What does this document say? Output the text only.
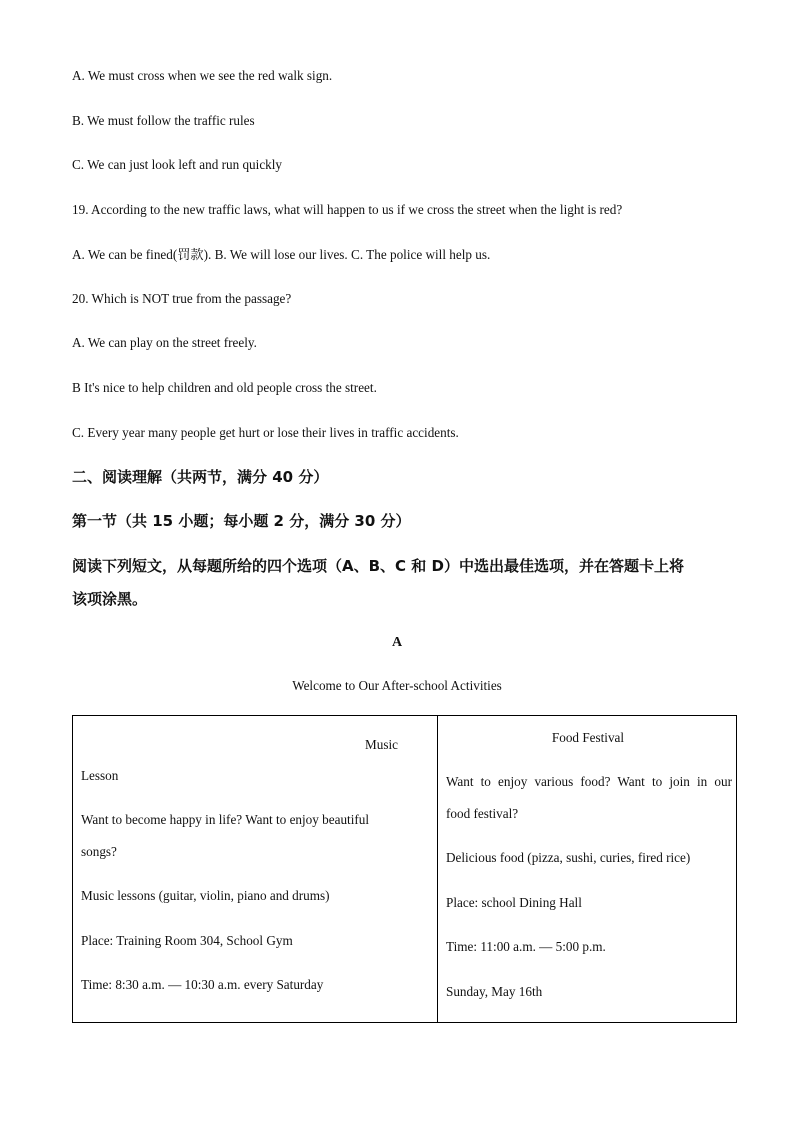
A. We must cross when we see the red walk sign.
B. We must follow the traffic rules
C. We can just look left and run quickly
19. According to the new traffic laws, what will happen to us if we cross the street when the light is red?
A. We can be fined(罚款). B. We will lose our lives. C. The police will help us.
20. Which is NOT true from the passage?
A. We can play on the street freely.
B It's nice to help children and old people cross the street.
C. Every year many people get hurt or lose their lives in traffic accidents.
二、阅读理解（共两节，满分 40 分）
第一节（共 15 小题；每小题 2 分，满分 30 分）
阅读下列短文，从每题所给的四个选项（A、B、C 和 D）中选出最佳选项，并在答题卡上将
该项涂黑。
A
Welcome to Our After-school Activities
Music
Lesson
Want to become happy in life? Want to enjoy beautiful
songs?
Music lessons (guitar, violin, piano and drums)
Place: Training Room 304, School Gym
Time: 8:30 a.m. — 10:30 a.m. every Saturday
Food Festival
Want to enjoy various food? Want to join in our
food festival?
Delicious food (pizza, sushi, curies, fired rice)
Place: school Dining Hall
Time: 11:00 a.m. — 5:00 p.m.
Sunday, May 16th
